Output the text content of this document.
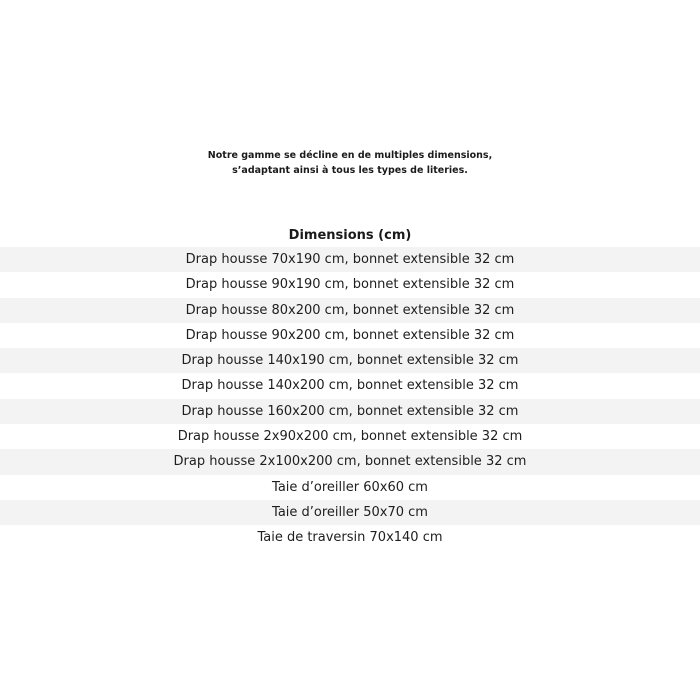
Notre gamme se décline en de multiples dimensions,
s’adaptant ainsi à tous les types de literies.
Dimensions (cm)
Drap housse 70x190 cm, bonnet extensible 32 cm
Drap housse 90x190 cm, bonnet extensible 32 cm
Drap housse 80x200 cm, bonnet extensible 32 cm
Drap housse 90x200 cm, bonnet extensible 32 cm
Drap housse 140x190 cm, bonnet extensible 32 cm
Drap housse 140x200 cm, bonnet extensible 32 cm
Drap housse 160x200 cm, bonnet extensible 32 cm
Drap housse 2x90x200 cm, bonnet extensible 32 cm
Drap housse 2x100x200 cm, bonnet extensible 32 cm
Taie d’oreiller 60x60 cm
Taie d’oreiller 50x70 cm
Taie de traversin 70x140 cm
